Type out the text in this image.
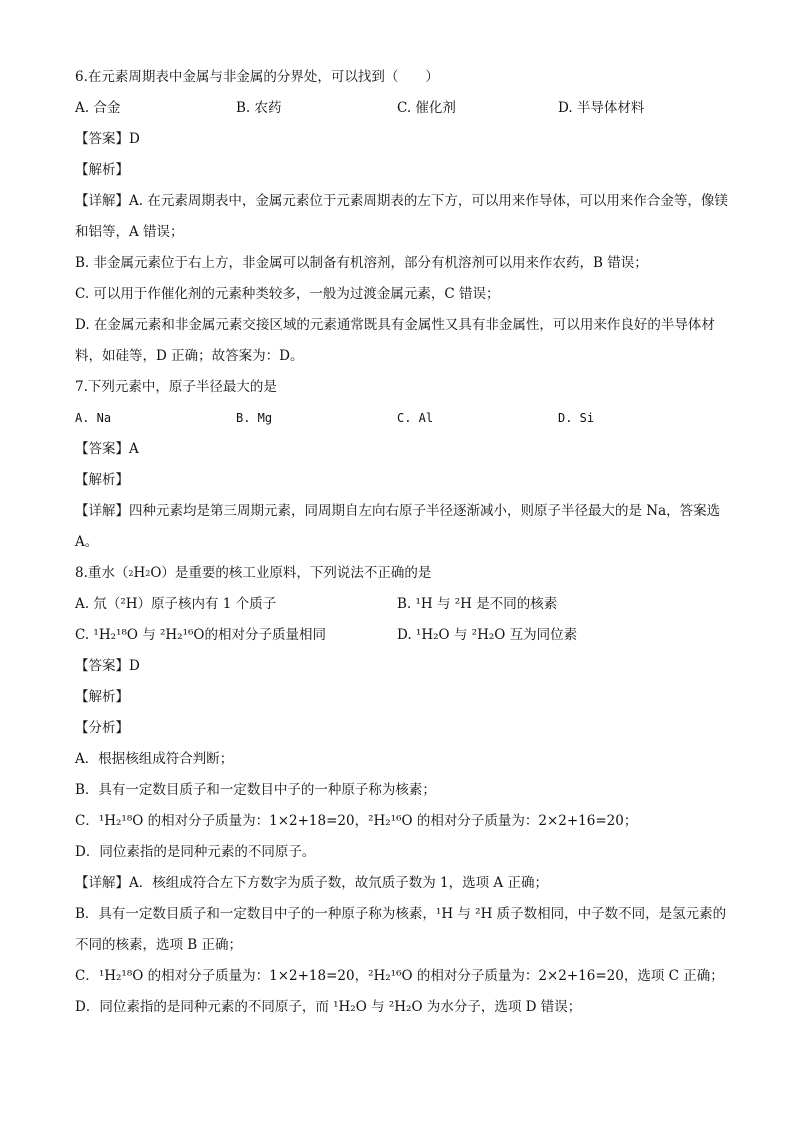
6.在元素周期表中金属与非金属的分界处，可以找到（　　）
A. 合金	B. 农药	C. 催化剂	D. 半导体材料
【答案】D
【解析】
【详解】A. 在元素周期表中，金属元素位于元素周期表的左下方，可以用来作导体，可以用来作合金等，像镁和铝等，A 错误；
B. 非金属元素位于右上方，非金属可以制备有机溶剂，部分有机溶剂可以用来作农药，B 错误；
C. 可以用于作催化剂的元素种类较多，一般为过渡金属元素，C 错误；
D. 在金属元素和非金属元素交接区域的元素通常既具有金属性又具有非金属性，可以用来作良好的半导体材料，如硅等，D 正确；故答案为：D。
7.下列元素中，原子半径最大的是
A. Na	B. Mg	C. Al	D. Si
【答案】A
【解析】
【详解】四种元素均是第三周期元素，同周期自左向右原子半径逐渐减小，则原子半径最大的是 Na，答案选 A。
8.重水（ 2 H 2 O）是重要的核工业原料，下列说法不正确的是
A. 氘（²H）原子核内有 1 个质子	B. ¹H 与 ²H 是不同的核素
C. ¹H₂¹⁸O 与 ²H₂¹⁶O的相对分子质量相同	D. ¹H₂O 与 ²H₂O 互为同位素
【答案】D
【解析】
【分析】
A．根据核组成符合判断；
B．具有一定数目质子和一定数目中子的一种原子称为核素；
C．¹H₂¹⁸O 的相对分子质量为：1×2+18=20，²H₂¹⁶O 的相对分子质量为：2×2+16=20；
D．同位素指的是同种元素的不同原子。
【详解】A．核组成符合左下方数字为质子数，故氘质子数为 1，选项 A 正确；
B．具有一定数目质子和一定数目中子的一种原子称为核素，¹H 与 ²H 质子数相同，中子数不同，是氢元素的不同的核素，选项 B 正确；
C．¹H₂¹⁸O 的相对分子质量为：1×2+18=20，²H₂¹⁶O 的相对分子质量为：2×2+16=20，选项 C 正确；
D．同位素指的是同种元素的不同原子，而 ¹H₂O 与 ²H₂O 为水分子，选项 D 错误；
